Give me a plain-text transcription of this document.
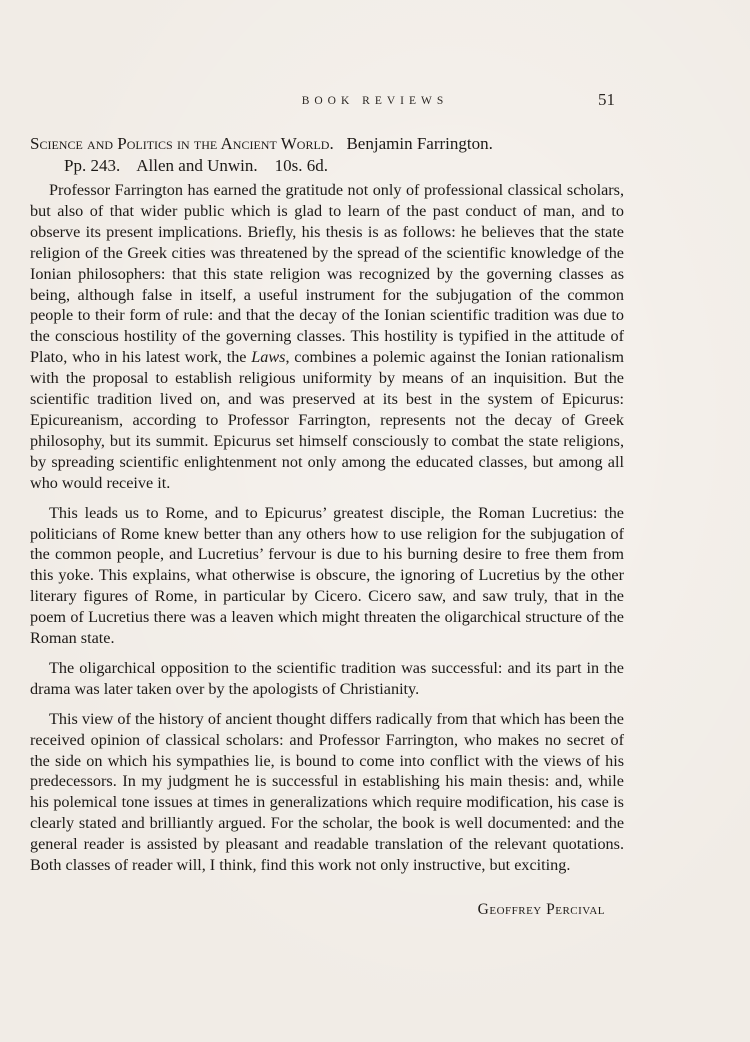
BOOK REVIEWS	51
Science and Politics in the Ancient World. Benjamin Farrington.
Pp. 243. Allen and Unwin. 10s. 6d.

Professor Farrington has earned the gratitude not only of professional classical scholars, but also of that wider public which is glad to learn of the past conduct of man, and to observe its present implications. Briefly, his thesis is as follows: he believes that the state religion of the Greek cities was threatened by the spread of the scientific knowledge of the Ionian philosophers: that this state religion was recognized by the governing classes as being, although false in itself, a useful instrument for the subjugation of the common people to their form of rule: and that the decay of the Ionian scientific tradition was due to the conscious hostility of the governing classes. This hostility is typified in the attitude of Plato, who in his latest work, the Laws, combines a polemic against the Ionian rationalism with the proposal to establish religious uniformity by means of an inquisition. But the scientific tradition lived on, and was preserved at its best in the system of Epicurus: Epicureanism, according to Professor Farrington, represents not the decay of Greek philosophy, but its summit. Epicurus set himself consciously to combat the state religions, by spreading scientific enlightenment not only among the educated classes, but among all who would receive it.

This leads us to Rome, and to Epicurus’ greatest disciple, the Roman Lucretius: the politicians of Rome knew better than any others how to use religion for the subjugation of the common people, and Lucretius’ fervour is due to his burning desire to free them from this yoke. This explains, what otherwise is obscure, the ignoring of Lucretius by the other literary figures of Rome, in particular by Cicero. Cicero saw, and saw truly, that in the poem of Lucretius there was a leaven which might threaten the oligarchical structure of the Roman state.

The oligarchical opposition to the scientific tradition was successful: and its part in the drama was later taken over by the apologists of Christianity.

This view of the history of ancient thought differs radically from that which has been the received opinion of classical scholars: and Professor Farrington, who makes no secret of the side on which his sympathies lie, is bound to come into conflict with the views of his predecessors. In my judgment he is successful in establishing his main thesis: and, while his polemical tone issues at times in generalizations which require modification, his case is clearly stated and brilliantly argued. For the scholar, the book is well documented: and the general reader is assisted by pleasant and readable translation of the relevant quotations. Both classes of reader will, I think, find this work not only instructive, but exciting.

Geoffrey Percival
